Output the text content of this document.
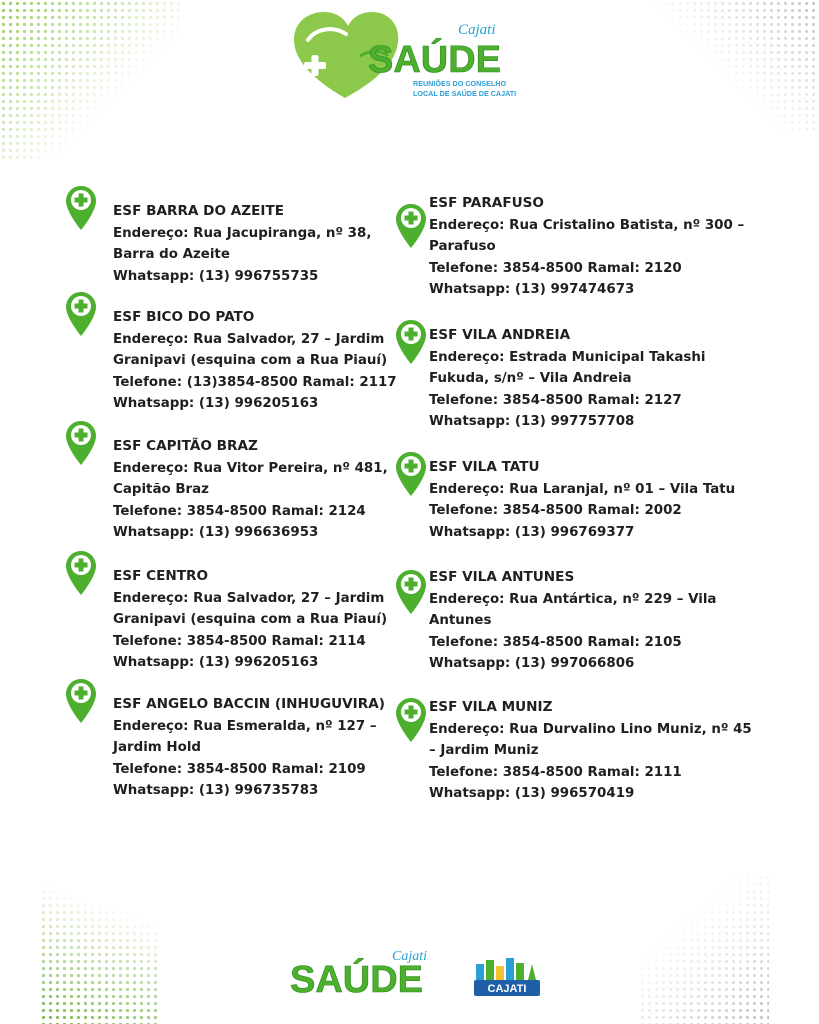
Cajati
SAÚDE
REUNIÕES DO CONSELHO
LOCAL DE SAÚDE DE CAJATI

ESF BARRA DO AZEITE

Endereço: Rua Jacupiranga, nº 38,

Barra do Azeite

Whatsapp: (13) 996755735

ESF BICO DO PATO

Endereço: Rua Salvador, 27 – Jardim

Granipavi (esquina com a Rua Piauí)

Telefone: (13)3854-8500 Ramal: 2117

Whatsapp: (13) 996205163

ESF CAPITÃO BRAZ

Endereço: Rua Vitor Pereira, nº 481,

Capitão Braz

Telefone: 3854-8500 Ramal: 2124

Whatsapp: (13) 996636953

ESF CENTRO

Endereço: Rua Salvador, 27 – Jardim

Granipavi (esquina com a Rua Piauí)

Telefone: 3854-8500 Ramal: 2114

Whatsapp: (13) 996205163

ESF ANGELO BACCIN (INHUGUVIRA)

Endereço: Rua Esmeralda, nº 127 –

Jardim Hold

Telefone: 3854-8500 Ramal: 2109

Whatsapp: (13) 996735783

ESF PARAFUSO

Endereço: Rua Cristalino Batista, nº 300 –

Parafuso

Telefone: 3854-8500 Ramal: 2120

Whatsapp: (13) 997474673

ESF VILA ANDREIA

Endereço: Estrada Municipal Takashi

Fukuda, s/nº – Vila Andreia

Telefone: 3854-8500 Ramal: 2127

Whatsapp: (13) 997757708

ESF VILA TATU

Endereço: Rua Laranjal, nº 01 – Vila Tatu

Telefone: 3854-8500 Ramal: 2002

Whatsapp: (13) 996769377

ESF VILA ANTUNES

Endereço: Rua Antártica, nº 229 – Vila

Antunes

Telefone: 3854-8500 Ramal: 2105

Whatsapp: (13) 997066806

ESF VILA MUNIZ

Endereço: Rua Durvalino Lino Muniz, nº 45

– Jardim Muniz

Telefone: 3854-8500 Ramal: 2111

Whatsapp: (13) 996570419

Cajati
SAÚDE	CAJATI
